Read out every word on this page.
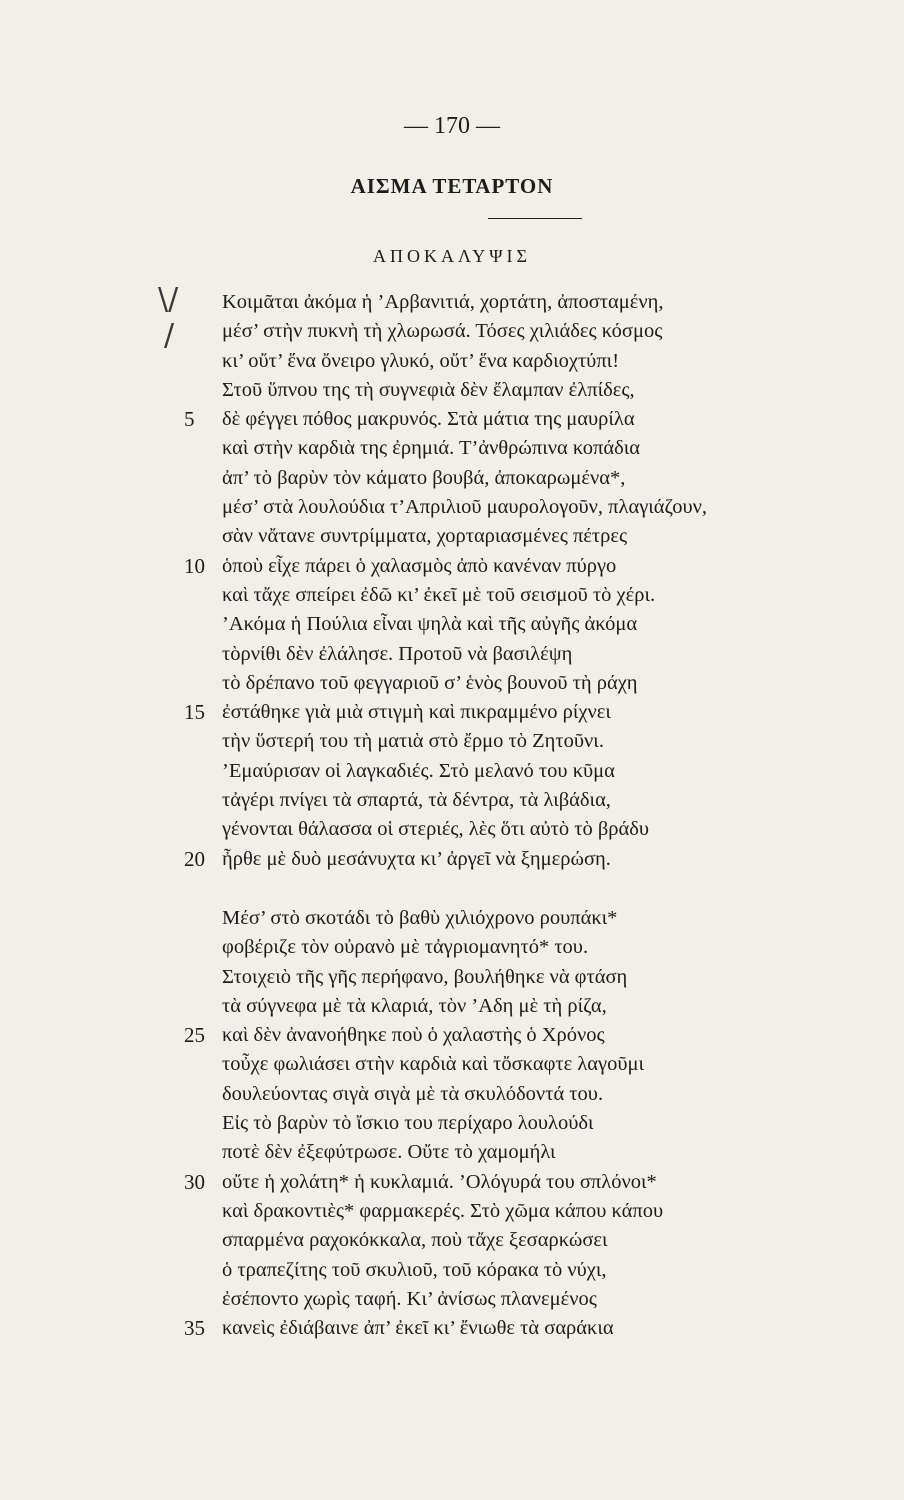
— 170 —
ΑΙΣΜΑ ΤΕΤΑΡΤΟΝ
ΑΠΟΚΑΛΥΨΙΣ
\/
/
Κοιμᾶται ἀκόμα ἡ ’Αρβανιτιά, χορτάτη, ἀποσταμένη,
μέσ’ στὴν πυκνὴ τὴ χλωρωσά. Τόσες χιλιάδες κόσμος
κι’ οὔτ’ ἕνα ὄνειρο γλυκό, οὔτ’ ἕνα καρδιοχτύπι!
Στοῦ ὕπνου της τὴ συγνεφιὰ δὲν ἔλαμπαν ἐλπίδες,
5	δὲ φέγγει πόθος μακρυνός. Στὰ μάτια της μαυρίλα
καὶ στὴν καρδιὰ της ἐρημιά. Τ’ἀνθρώπινα κοπάδια
ἀπ’ τὸ βαρὺν τὸν κάματο βουβά, ἀποκαρωμένα*,
μέσ’ στὰ λουλούδια τ’Απριλιοῦ μαυρολογοῦν, πλαγιάζουν,
σὰν νἄτανε συντρίμματα, χορταριασμένες πέτρες
10 ὁποὺ εἶχε πάρει ὁ χαλασμὸς ἀπὸ κανέναν πύργο
καὶ τἄχε σπείρει ἐδῶ κι’ ἐκεῖ μὲ τοῦ σεισμοῦ τὸ χέρι.
’Ακόμα ἡ Πούλια εἶναι ψηλὰ καὶ τῆς αὐγῆς ἀκόμα
τὸρνίθι δὲν ἐλάλησε. Προτοῦ νὰ βασιλέψη
τὸ δρέπανο τοῦ φεγγαριοῦ σ’ ἑνὸς βουνοῦ τὴ ράχη
15 ἐστάθηκε γιὰ μιὰ στιγμὴ καὶ πικραμμένο ρίχνει
τὴν ὕστερή του τὴ ματιὰ στὸ ἔρμο τὸ Ζητοῦνι.
’Εμαύρισαν οἱ λαγκαδιές. Στὸ μελανό του κῦμα
τἀγέρι πνίγει τὰ σπαρτά, τὰ δέντρα, τὰ λιβάδια,
γένονται θάλασσα οἱ στεριές, λὲς ὅτι αὐτὸ τὸ βράδυ
20 ἦρθε μὲ δυὸ μεσάνυχτα κι’ ἀργεῖ νὰ ξημερώση.
Μέσ’ στὸ σκοτάδι τὸ βαθὺ χιλιόχρονο ρουπάκι*
φοβέριζε τὸν οὐρανὸ μὲ τἀγριομανητό* του.
Στοιχειὸ τῆς γῆς περήφανο, βουλήθηκε νὰ φτάση
τὰ σύγνεφα μὲ τὰ κλαριά, τὸν ’Αδη μὲ τὴ ρίζα,
25 καὶ δὲν ἀνανοήθηκε ποὺ ὁ χαλαστὴς ὁ Χρόνος
τοὖχε φωλιάσει στὴν καρδιὰ καὶ τὄσκαφτε λαγοῦμι
δουλεύοντας σιγὰ σιγὰ μὲ τὰ σκυλόδοντά του.
Εἰς τὸ βαρὺν τὸ ἴσκιο του περίχαρο λουλούδι
ποτὲ δὲν ἐξεφύτρωσε. Οὔτε τὸ χαμομήλι
30 οὔτε ἡ χολάτη* ἡ κυκλαμιά. ’Ολόγυρά του σπλόνοι*
καὶ δρακοντιὲς* φαρμακερές. Στὸ χῶμα κάπου κάπου
σπαρμένα ραχοκόκκαλα, ποὺ τἄχε ξεσαρκώσει
ὁ τραπεζίτης τοῦ σκυλιοῦ, τοῦ κόρακα τὸ νύχι,
ἐσέποντο χωρὶς ταφή. Κι’ ἀνίσως πλανεμένος
35 κανεὶς ἐδιάβαινε ἀπ’ ἐκεῖ κι’ ἔνιωθε τὰ σαράκια
